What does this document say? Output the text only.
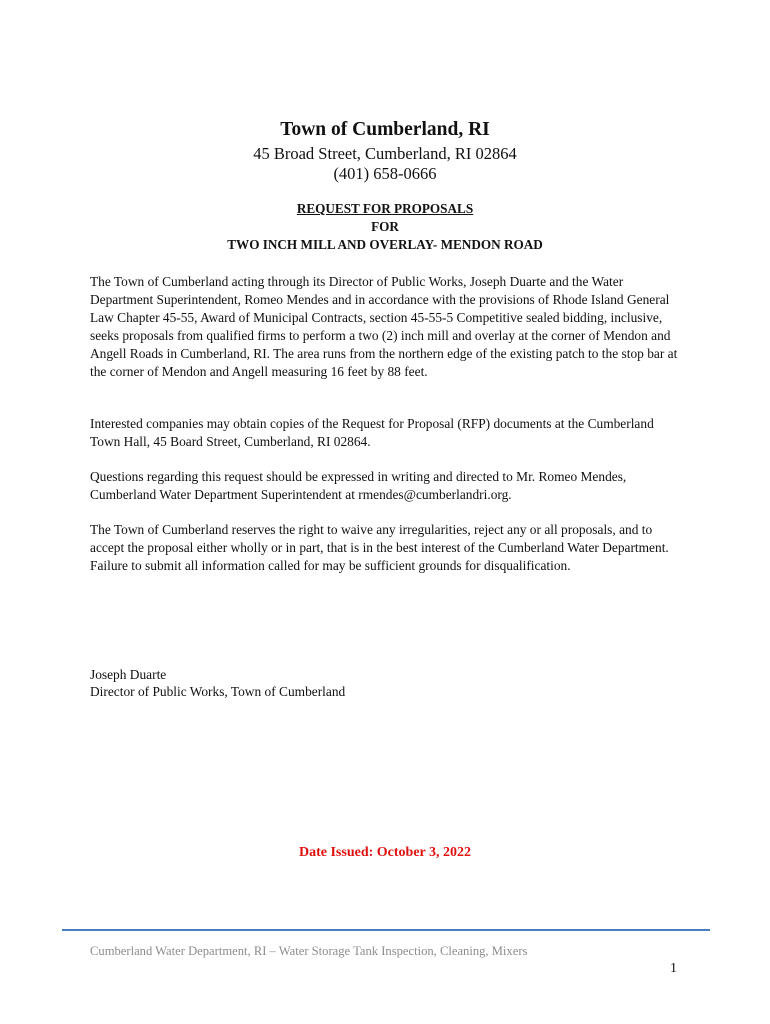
Town of Cumberland, RI
45 Broad Street, Cumberland, RI 02864
(401) 658-0666
REQUEST FOR PROPOSALS
FOR
TWO INCH MILL AND OVERLAY- MENDON ROAD

The Town of Cumberland acting through its Director of Public Works, Joseph Duarte and the Water Department Superintendent, Romeo Mendes and in accordance with the provisions of Rhode Island General Law Chapter 45-55, Award of Municipal Contracts, section 45-55-5 Competitive sealed bidding, inclusive, seeks proposals from qualified firms to perform a two (2) inch mill and overlay at the corner of Mendon and Angell Roads in Cumberland, RI. The area runs from the northern edge of the existing patch to the stop bar at the corner of Mendon and Angell measuring 16 feet by 88 feet.

Interested companies may obtain copies of the Request for Proposal (RFP) documents at the Cumberland Town Hall, 45 Board Street, Cumberland, RI 02864.

Questions regarding this request should be expressed in writing and directed to Mr. Romeo Mendes, Cumberland Water Department Superintendent at rmendes@cumberlandri.org.

The Town of Cumberland reserves the right to waive any irregularities, reject any or all proposals, and to accept the proposal either wholly or in part, that is in the best interest of the Cumberland Water Department. Failure to submit all information called for may be sufficient grounds for disqualification.

Joseph Duarte
Director of Public Works, Town of Cumberland
Date Issued: October 3, 2022
Cumberland Water Department, RI – Water Storage Tank Inspection, Cleaning, Mixers
1
